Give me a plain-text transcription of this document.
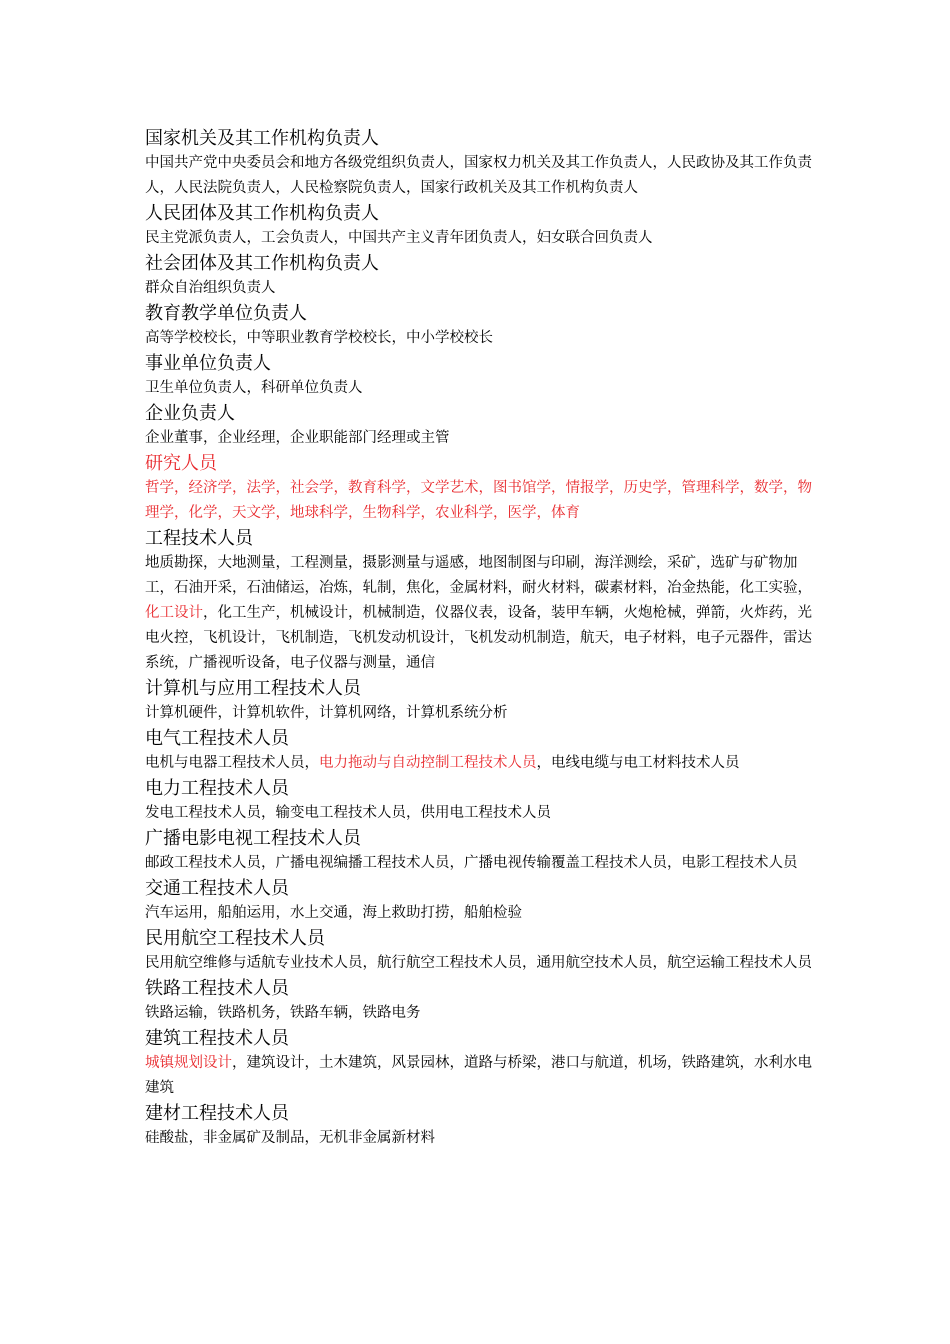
国家机关及其工作机构负责人
中国共产党中央委员会和地方各级党组织负责人，国家权力机关及其工作负责人，人民政协及其工作负责人，人民法院负责人，人民检察院负责人，国家行政机关及其工作机构负责人
人民团体及其工作机构负责人
民主党派负责人，工会负责人，中国共产主义青年团负责人，妇女联合回负责人
社会团体及其工作机构负责人
群众自治组织负责人
教育教学单位负责人
高等学校校长，中等职业教育学校校长，中小学校校长
事业单位负责人
卫生单位负责人，科研单位负责人
企业负责人
企业董事，企业经理，企业职能部门经理或主管
研究人员
哲学，经济学，法学，社会学，教育科学，文学艺术，图书馆学，情报学，历史学，管理科学，数学，物理学，化学，天文学，地球科学，生物科学，农业科学，医学，体育
工程技术人员
地质勘探，大地测量，工程测量，摄影测量与遥感，地图制图与印刷，海洋测绘，采矿，选矿与矿物加工，石油开采，石油储运，冶炼，轧制，焦化，金属材料，耐火材料，碳素材料，冶金热能，化工实验，化工设计，化工生产，机械设计，机械制造，仪器仪表，设备，装甲车辆，火炮枪械，弹箭，火炸药，光电火控，飞机设计，飞机制造，飞机发动机设计，飞机发动机制造，航天，电子材料，电子元器件，雷达系统，广播视听设备，电子仪器与测量，通信
计算机与应用工程技术人员
计算机硬件，计算机软件，计算机网络，计算机系统分析
电气工程技术人员
电机与电器工程技术人员，电力拖动与自动控制工程技术人员，电线电缆与电工材料技术人员
电力工程技术人员
发电工程技术人员，输变电工程技术人员，供用电工程技术人员
广播电影电视工程技术人员
邮政工程技术人员，广播电视编播工程技术人员，广播电视传输覆盖工程技术人员，电影工程技术人员
交通工程技术人员
汽车运用，船舶运用，水上交通，海上救助打捞，船舶检验
民用航空工程技术人员
民用航空维修与适航专业技术人员，航行航空工程技术人员，通用航空技术人员，航空运输工程技术人员
铁路工程技术人员
铁路运输，铁路机务，铁路车辆，铁路电务
建筑工程技术人员
城镇规划设计，建筑设计，土木建筑，风景园林，道路与桥梁，港口与航道，机场，铁路建筑，水利水电建筑
建材工程技术人员
硅酸盐，非金属矿及制品，无机非金属新材料
